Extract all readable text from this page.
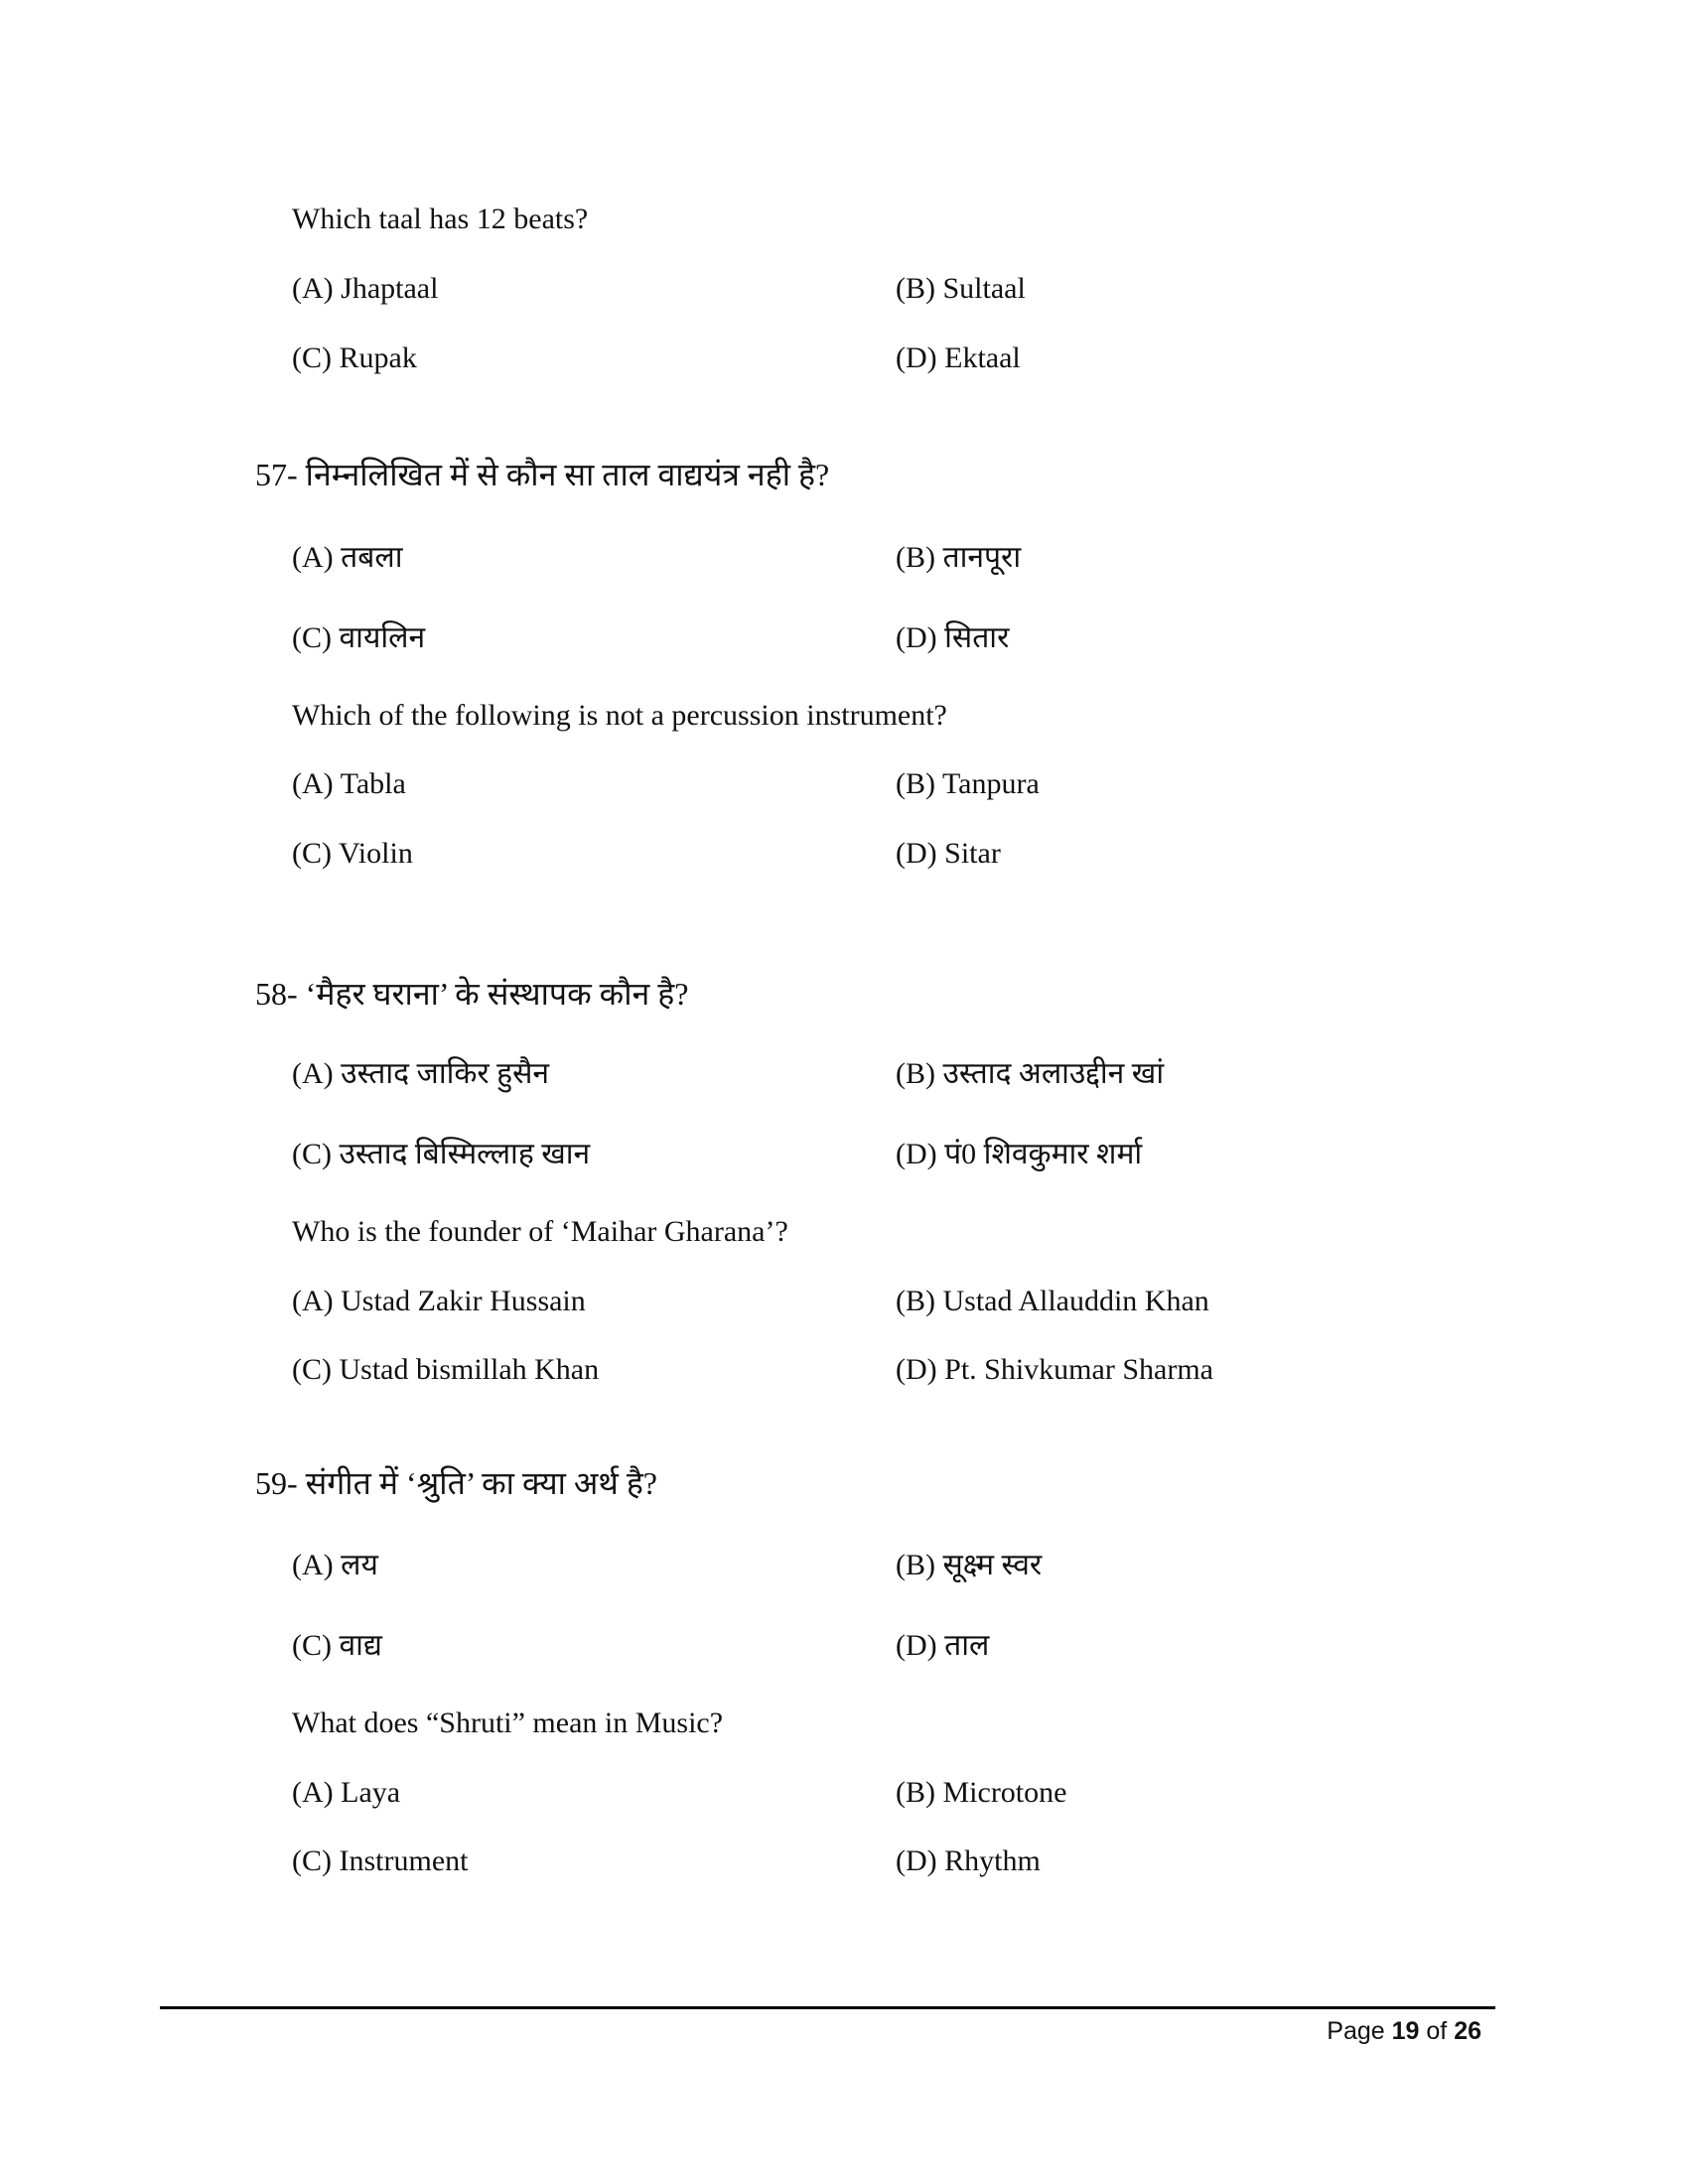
Which taal has 12 beats?
(A) Jhaptaal	(B) Sultaal
(C) Rupak	(D) Ektaal
57- निम्नलिखित में से कौन सा ताल वाद्ययंत्र नही है?
(A) तबला	(B) तानपूरा
(C) वायलिन	(D) सितार
Which of the following is not a percussion instrument?
(A) Tabla	(B) Tanpura
(C) Violin	(D) Sitar
58- ‘मैहर घराना’ के संस्थापक कौन है?
(A) उस्ताद जाकिर हुसैन	(B) उस्ताद अलाउद्दीन खां
(C) उस्ताद बिस्मिल्लाह खान	(D) पं0 शिवकुमार शर्मा
Who is the founder of ‘Maihar Gharana’?
(A) Ustad Zakir Hussain	(B) Ustad Allauddin Khan
(C) Ustad bismillah Khan	(D) Pt. Shivkumar Sharma
59- संगीत में ‘श्रुति’ का क्या अर्थ है?
(A) लय	(B) सूक्ष्म स्वर
(C) वाद्य	(D) ताल
What does “Shruti” mean in Music?
(A) Laya	(B) Microtone
(C) Instrument	(D) Rhythm
Page 19 of 26
